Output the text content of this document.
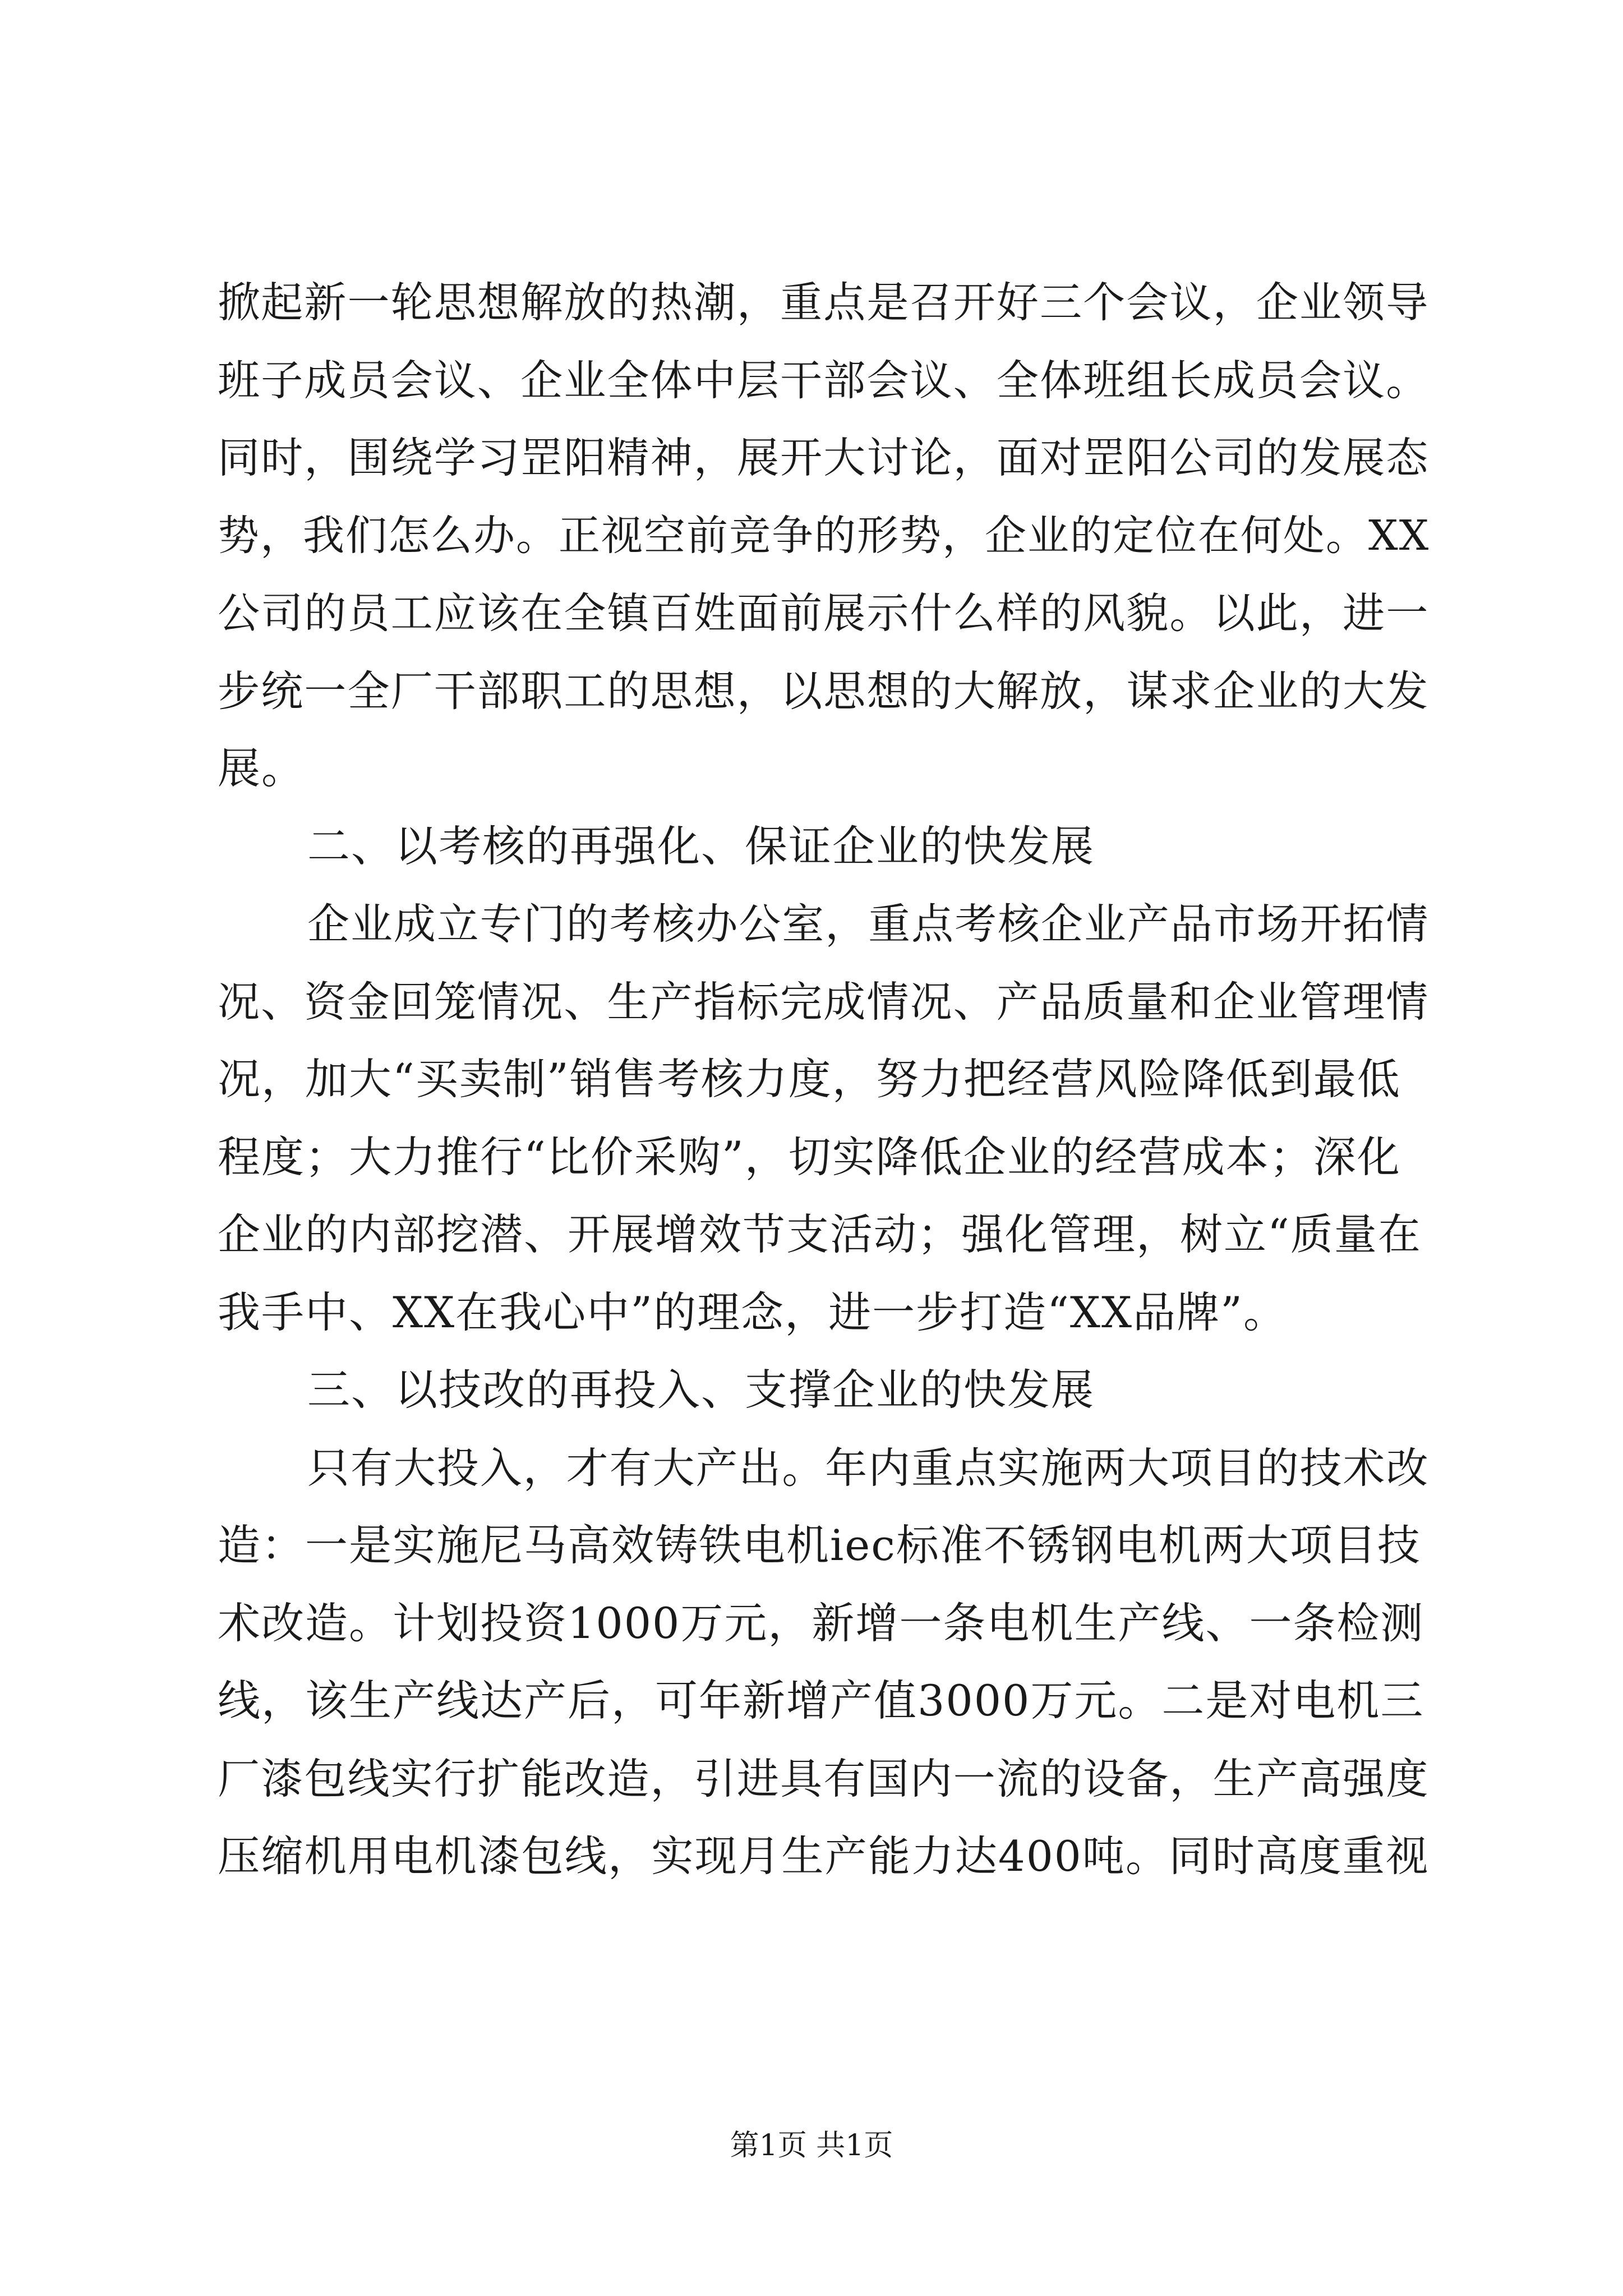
掀起新一轮思想解放的热潮，重点是召开好三个会议，企业领导
班子成员会议、企业全体中层干部会议、全体班组长成员会议。
同时，围绕学习罡阳精神，展开大讨论，面对罡阳公司的发展态
势，我们怎么办。正视空前竞争的形势，企业的定位在何处。XX
公司的员工应该在全镇百姓面前展示什么样的风貌。以此，进一
步统一全厂干部职工的思想，以思想的大解放，谋求企业的大发
展。
二、以考核的再强化、保证企业的快发展
企业成立专门的考核办公室，重点考核企业产品市场开拓情
况、资金回笼情况、生产指标完成情况、产品质量和企业管理情
况，加大“买卖制”销售考核力度，努力把经营风险降低到最低
程度；大力推行“比价采购”，切实降低企业的经营成本；深化
企业的内部挖潜、开展增效节支活动；强化管理，树立“质量在
我手中、XX在我心中”的理念，进一步打造“XX品牌”。
三、以技改的再投入、支撑企业的快发展
只有大投入，才有大产出。年内重点实施两大项目的技术改
造：一是实施尼马高效铸铁电机iec标准不锈钢电机两大项目技
术改造。计划投资1000万元，新增一条电机生产线、一条检测
线，该生产线达产后，可年新增产值3000万元。二是对电机三
厂漆包线实行扩能改造，引进具有国内一流的设备，生产高强度
压缩机用电机漆包线，实现月生产能力达400吨。同时高度重视
第1页 共1页
